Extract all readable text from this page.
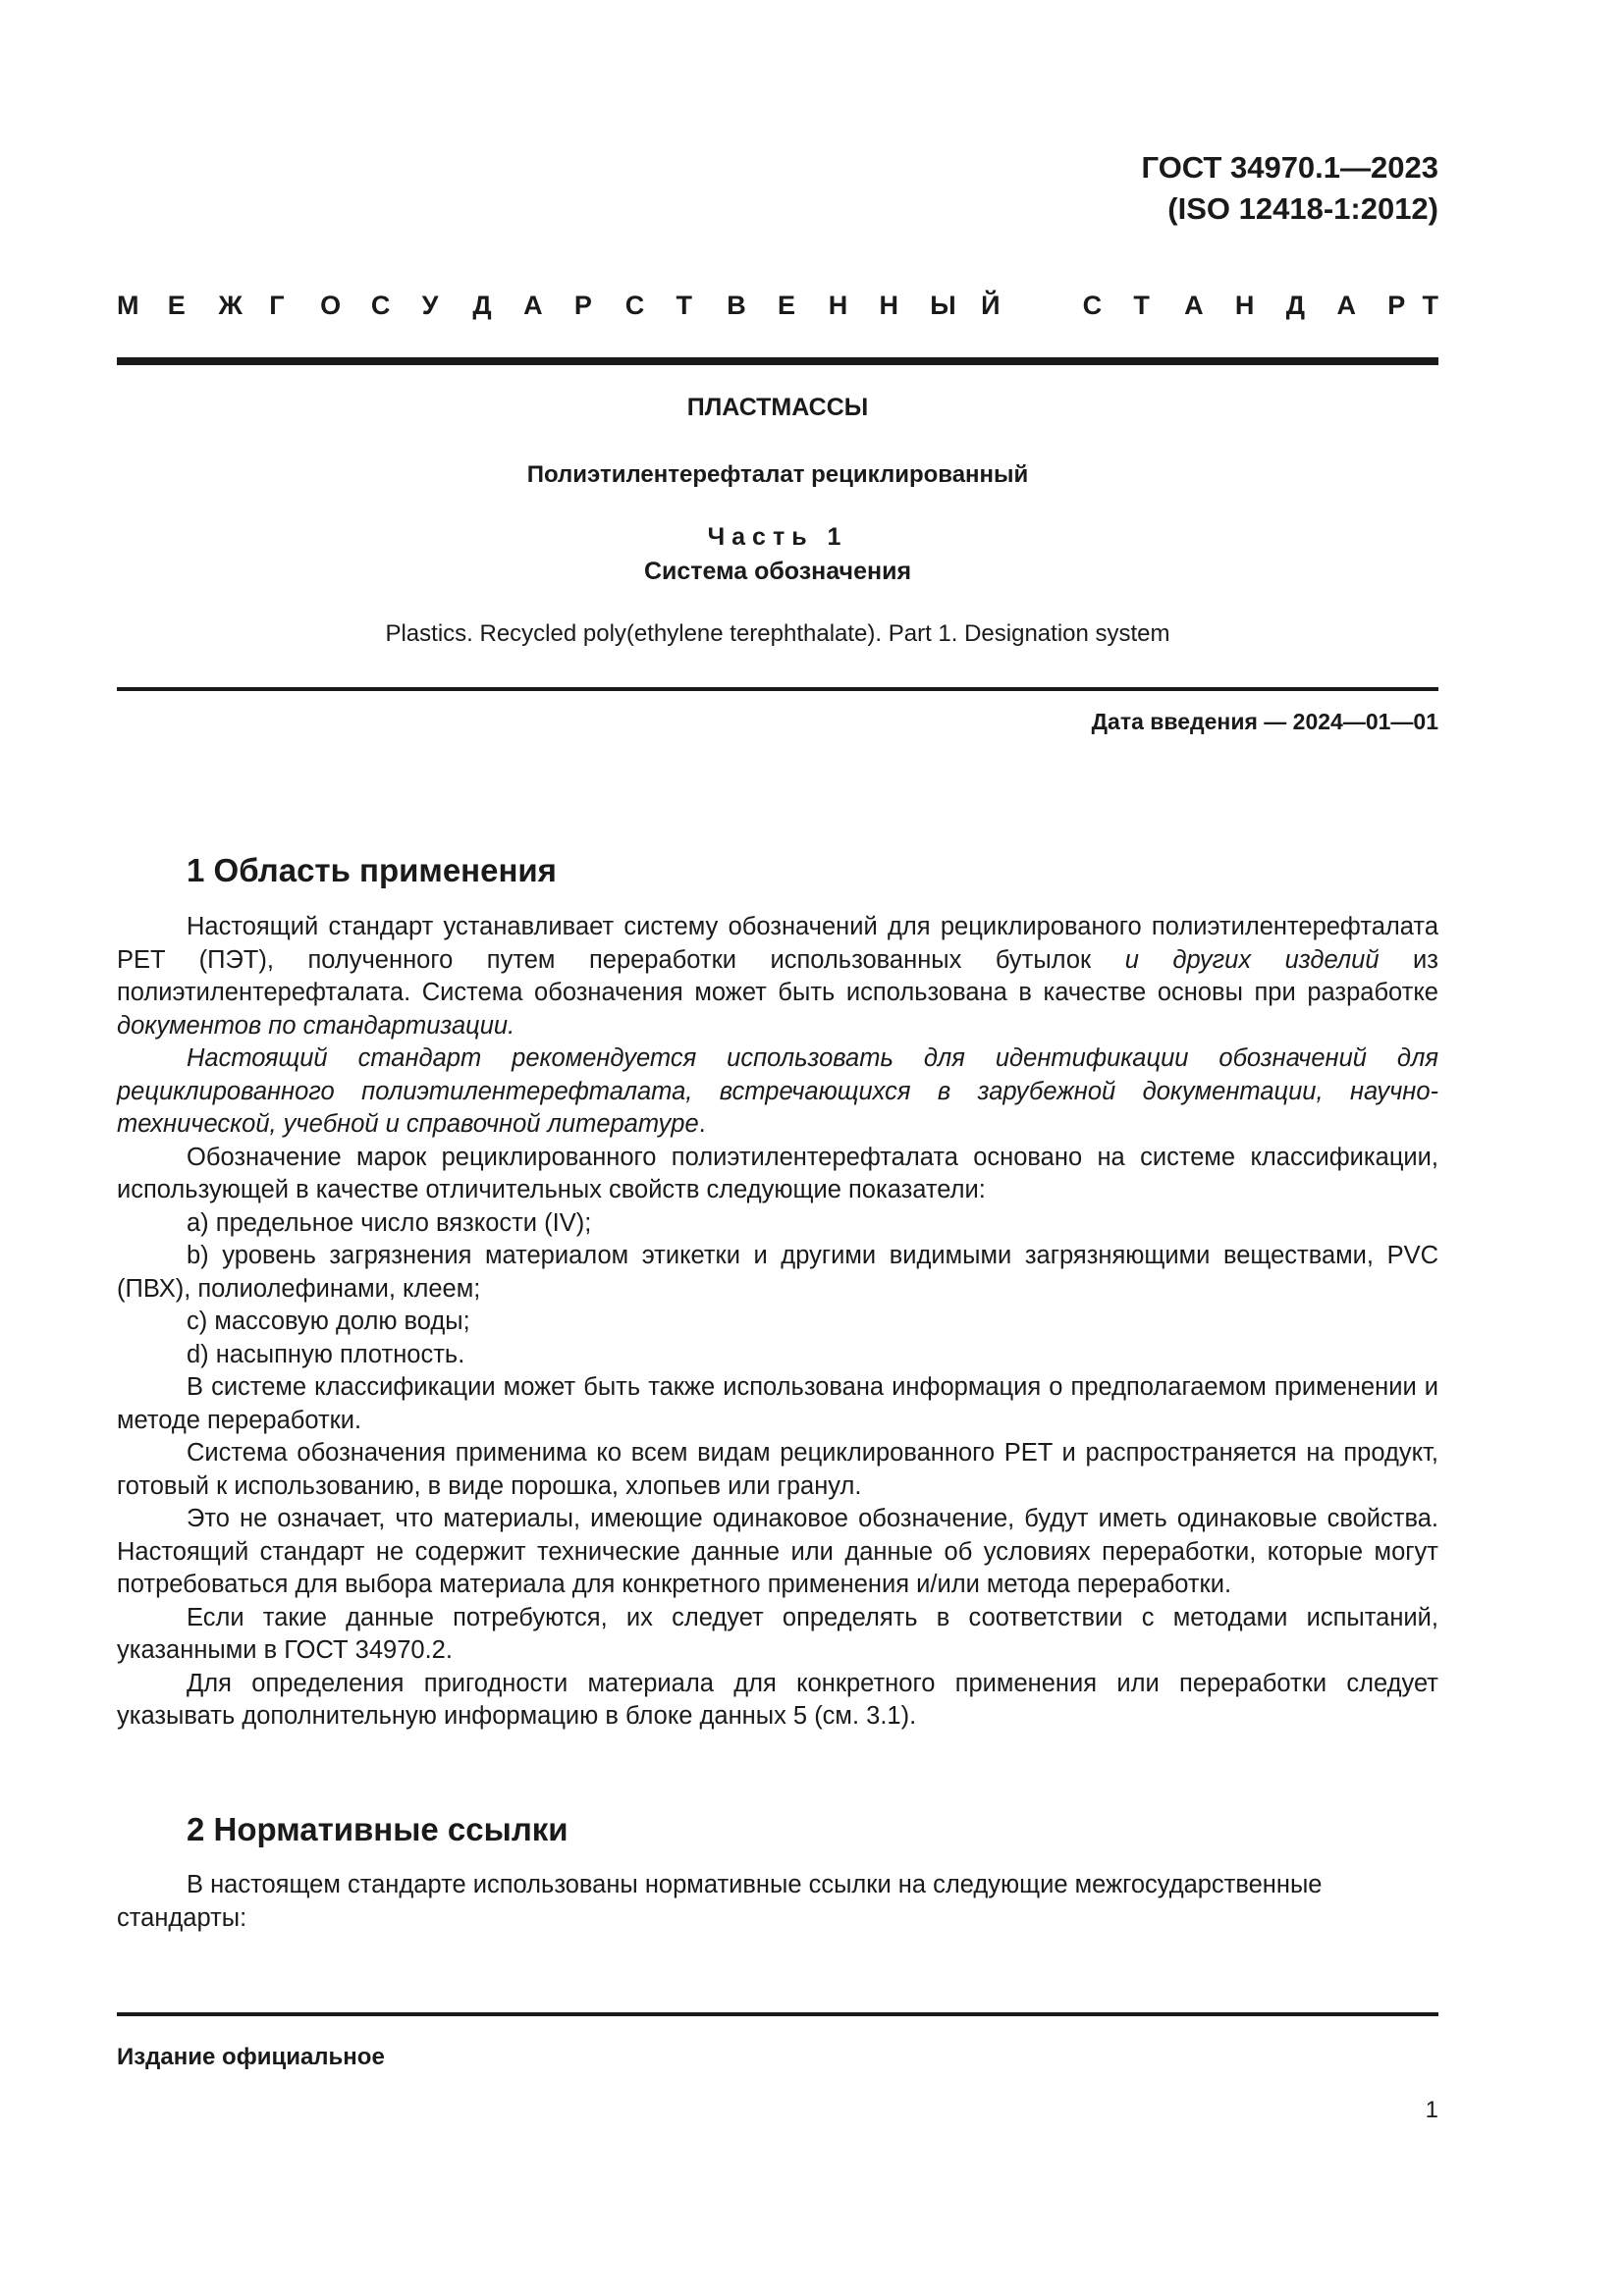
ГОСТ 34970.1—2023
(ISO 12418-1:2012)
М Е Ж Г О С У Д А Р С Т В Е Н Н Ы Й	С Т А Н Д А Р Т
ПЛАСТМАССЫ
Полиэтилентерефталат рециклированный
Часть 1
Система обозначения
Plastics. Recycled poly(ethylene terephthalate). Part 1. Designation system
Дата введения — 2024—01—01
1 Область применения

Настоящий стандарт устанавливает систему обозначений для рециклированого полиэтилентерефталата PET (ПЭТ), полученного путем переработки использованных бутылок и других изделий из полиэтилентерефталата. Система обозначения может быть использована в качестве основы при разработке документов по стандартизации.

Настоящий стандарт рекомендуется использовать для идентификации обозначений для рециклированного полиэтилентерефталата, встречающихся в зарубежной документации, научно-технической, учебной и справочной литературе.

Обозначение марок рециклированного полиэтилентерефталата основано на системе классификации, использующей в качестве отличительных свойств следующие показатели:

a) предельное число вязкости (IV);

b) уровень загрязнения материалом этикетки и другими видимыми загрязняющими веществами, PVC (ПВХ), полиолефинами, клеем;

c) массовую долю воды;

d) насыпную плотность.

В системе классификации может быть также использована информация о предполагаемом применении и методе переработки.

Система обозначения применима ко всем видам рециклированного PET и распространяется на продукт, готовый к использованию, в виде порошка, хлопьев или гранул.

Это не означает, что материалы, имеющие одинаковое обозначение, будут иметь одинаковые свойства. Настоящий стандарт не содержит технические данные или данные об условиях переработки, которые могут потребоваться для выбора материала для конкретного применения и/или метода переработки.

Если такие данные потребуются, их следует определять в соответствии с методами испытаний, указанными в ГОСТ 34970.2.

Для определения пригодности материала для конкретного применения или переработки следует указывать дополнительную информацию в блоке данных 5 (см. 3.1).

2 Нормативные ссылки

В настоящем стандарте использованы нормативные ссылки на следующие межгосударственные стандарты:

Издание официальное
1
